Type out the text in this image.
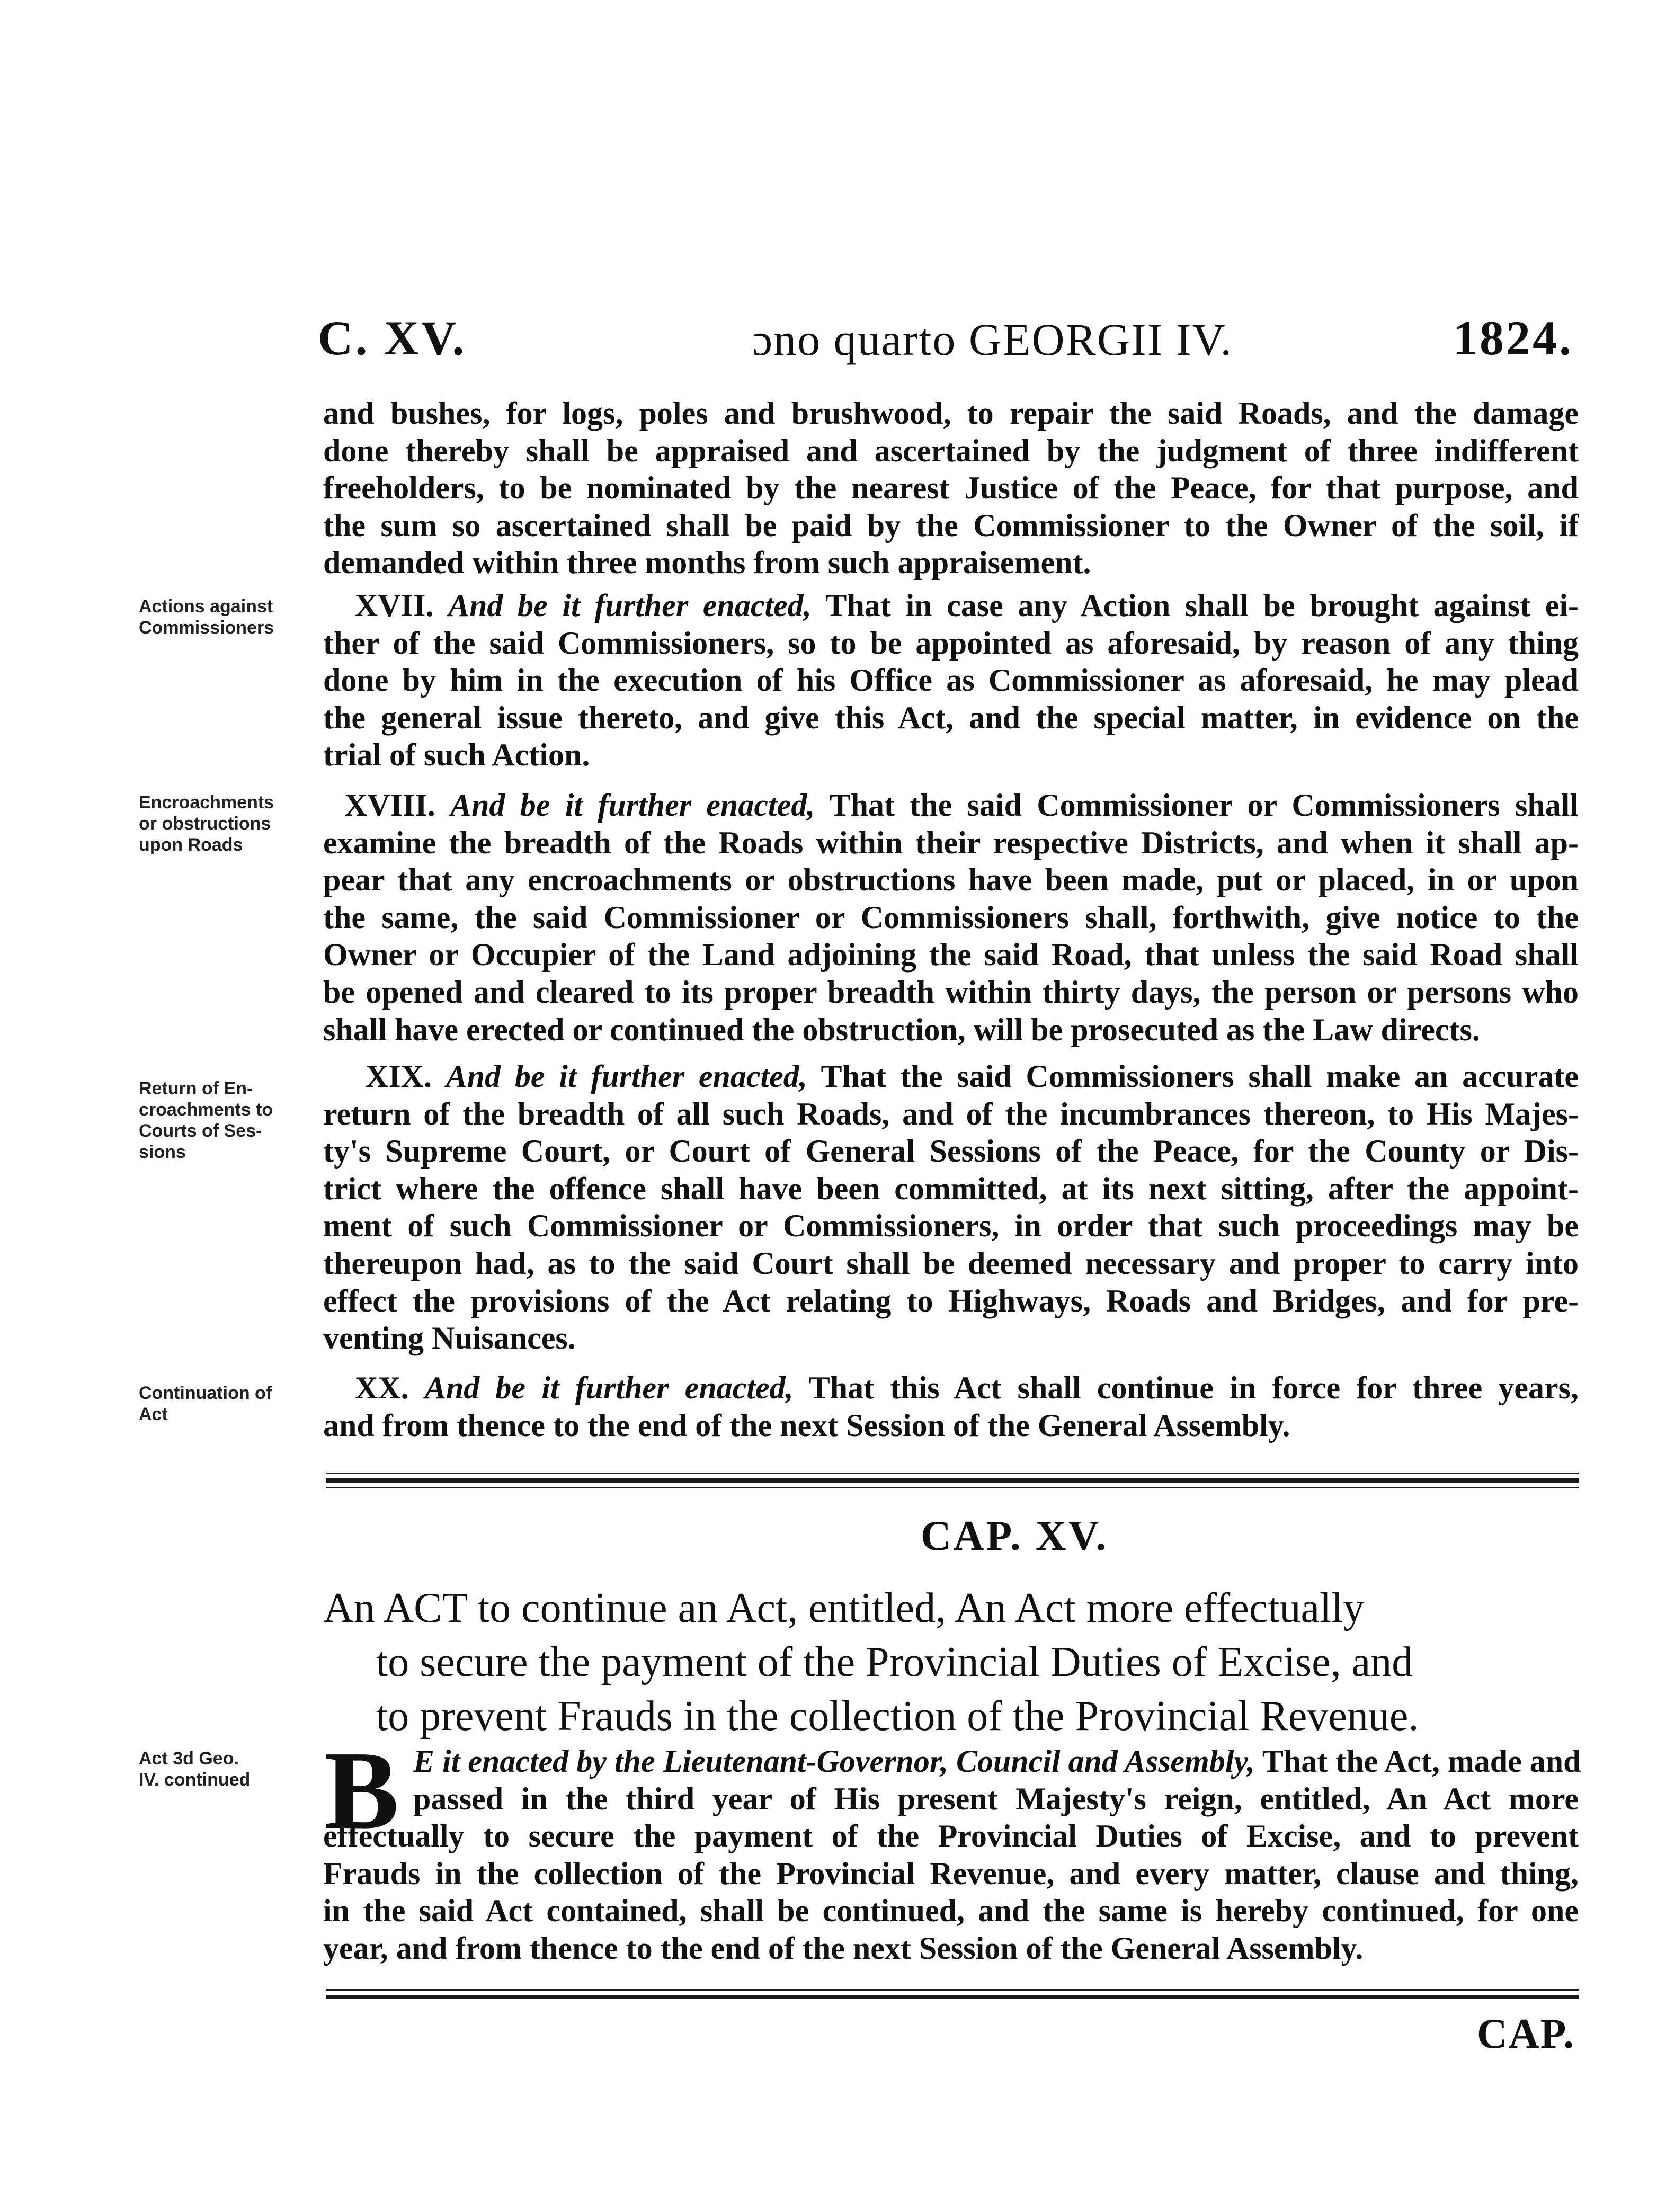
C. XV.	ɔno quarto GEORGII IV.	1824.
and bushes, for logs, poles and brushwood, to repair the said Roads, and the damage
done thereby shall be appraised and ascertained by the judgment of three indifferent
freeholders, to be nominated by the nearest Justice of the Peace, for that purpose, and
the sum so ascertained shall be paid by the Commissioner to the Owner of the soil, if
demanded within three months from such appraisement.
Actions against
Commissioners
XVII. And be it further enacted, That in case any Action shall be brought against ei-
ther of the said Commissioners, so to be appointed as aforesaid, by reason of any thing
done by him in the execution of his Office as Commissioner as aforesaid, he may plead
the general issue thereto, and give this Act, and the special matter, in evidence on the
trial of such Action.
Encroachments
or obstructions
upon Roads
XVIII. And be it further enacted, That the said Commissioner or Commissioners shall
examine the breadth of the Roads within their respective Districts, and when it shall ap-
pear that any encroachments or obstructions have been made, put or placed, in or upon
the same, the said Commissioner or Commissioners shall, forthwith, give notice to the
Owner or Occupier of the Land adjoining the said Road, that unless the said Road shall
be opened and cleared to its proper breadth within thirty days, the person or persons who
shall have erected or continued the obstruction, will be prosecuted as the Law directs.
Return of En-
croachments to
Courts of Ses-
sions
XIX. And be it further enacted, That the said Commissioners shall make an accurate
return of the breadth of all such Roads, and of the incumbrances thereon, to His Majes-
ty's Supreme Court, or Court of General Sessions of the Peace, for the County or Dis-
trict where the offence shall have been committed, at its next sitting, after the appoint-
ment of such Commissioner or Commissioners, in order that such proceedings may be
thereupon had, as to the said Court shall be deemed necessary and proper to carry into
effect the provisions of the Act relating to Highways, Roads and Bridges, and for pre-
venting Nuisances.
Continuation of
Act
XX. And be it further enacted, That this Act shall continue in force for three years,
and from thence to the end of the next Session of the General Assembly.
CAP. XV.
An ACT to continue an Act, entitled, An Act more effectually
to secure the payment of the Provincial Duties of Excise, and
to prevent Frauds in the collection of the Provincial Revenue.
Act 3d Geo.
IV. continued B E it enacted by the Lieutenant-Governor, Council and Assembly, That the Act, made and
passed in the third year of His present Majesty's reign, entitled, An Act more
effectually to secure the payment of the Provincial Duties of Excise, and to prevent
Frauds in the collection of the Provincial Revenue, and every matter, clause and thing,
in the said Act contained, shall be continued, and the same is hereby continued, for one
year, and from thence to the end of the next Session of the General Assembly.
CAP.
